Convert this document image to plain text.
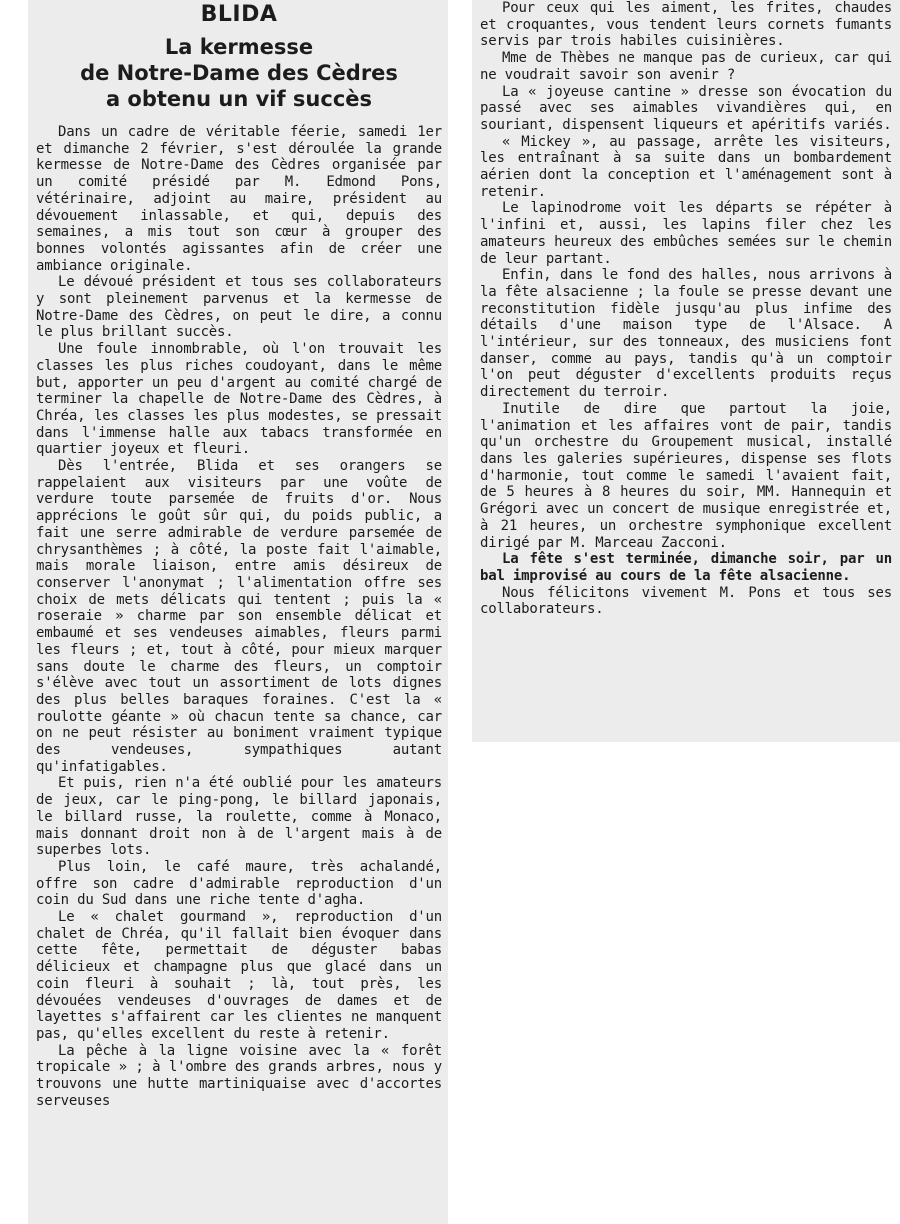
BLIDA
La kermesse
de Notre-Dame des Cèdres
a obtenu un vif succès

Dans un cadre de véritable féerie, samedi 1er et dimanche 2 février, s'est déroulée la grande kermesse de Notre-Dame des Cèdres organisée par un comité présidé par M. Edmond Pons, vétérinaire, adjoint au maire, président au dévouement inlassable, et qui, depuis des semaines, a mis tout son cœur à grouper des bonnes volontés agissantes afin de créer une ambiance originale.

Le dévoué président et tous ses collaborateurs y sont pleinement parvenus et la kermesse de Notre-Dame des Cèdres, on peut le dire, a connu le plus brillant succès.

Une foule innombrable, où l'on trouvait les classes les plus riches coudoyant, dans le même but, apporter un peu d'argent au comité chargé de terminer la chapelle de Notre-Dame des Cèdres, à Chréa, les classes les plus modestes, se pressait dans l'immense halle aux tabacs transformée en quartier joyeux et fleuri.

Dès l'entrée, Blida et ses orangers se rappelaient aux visiteurs par une voûte de verdure toute parsemée de fruits d'or. Nous apprécions le goût sûr qui, du poids public, a fait une serre admirable de verdure parsemée de chrysanthèmes ; à côté, la poste fait l'aimable, mais morale liaison, entre amis désireux de conserver l'anonymat ; l'alimentation offre ses choix de mets délicats qui tentent ; puis la « roseraie » charme par son ensemble délicat et embaumé et ses vendeuses aimables, fleurs parmi les fleurs ; et, tout à côté, pour mieux marquer sans doute le charme des fleurs, un comptoir s'élève avec tout un assortiment de lots dignes des plus belles baraques foraines. C'est la « roulotte géante » où chacun tente sa chance, car on ne peut résister au boniment vraiment typique des vendeuses, sympathiques autant qu'infatigables.

Et puis, rien n'a été oublié pour les amateurs de jeux, car le ping-pong, le billard japonais, le billard russe, la roulette, comme à Monaco, mais donnant droit non à de l'argent mais à de superbes lots.

Plus loin, le café maure, très achalandé, offre son cadre d'admirable reproduction d'un coin du Sud dans une riche tente d'agha.

Le « chalet gourmand », reproduction d'un chalet de Chréa, qu'il fallait bien évoquer dans cette fête, permettait de déguster babas délicieux et champagne plus que glacé dans un coin fleuri à souhait ; là, tout près, les dévouées vendeuses d'ouvrages de dames et de layettes s'affairent car les clientes ne manquent pas, qu'elles excellent du reste à retenir.

La pêche à la ligne voisine avec la « forêt tropicale » ; à l'ombre des grands arbres, nous y trouvons une hutte martiniquaise avec d'accortes serveuses

Pour ceux qui les aiment, les frites, chaudes et croquantes, vous tendent leurs cornets fumants servis par trois habiles cuisinières.

Mme de Thèbes ne manque pas de curieux, car qui ne voudrait savoir son avenir ?

La « joyeuse cantine » dresse son évocation du passé avec ses aimables vivandières qui, en souriant, dispensent liqueurs et apéritifs variés.

« Mickey », au passage, arrête les visiteurs, les entraînant à sa suite dans un bombardement aérien dont la conception et l'aménagement sont à retenir.

Le lapinodrome voit les départs se répéter à l'infini et, aussi, les lapins filer chez les amateurs heureux des embûches semées sur le chemin de leur partant.

Enfin, dans le fond des halles, nous arrivons à la fête alsacienne ; la foule se presse devant une reconstitution fidèle jusqu'au plus infime des détails d'une maison type de l'Alsace. A l'intérieur, sur des tonneaux, des musiciens font danser, comme au pays, tandis qu'à un comptoir l'on peut déguster d'excellents produits reçus directement du terroir.

Inutile de dire que partout la joie, l'animation et les affaires vont de pair, tandis qu'un orchestre du Groupement musical, installé dans les galeries supérieures, dispense ses flots d'harmonie, tout comme le samedi l'avaient fait, de 5 heures à 8 heures du soir, MM. Hannequin et Grégori avec un concert de musique enregistrée et, à 21 heures, un orchestre symphonique excellent dirigé par M. Marceau Zacconi.

La fête s'est terminée, dimanche soir, par un bal improvisé au cours de la fête alsacienne.

Nous félicitons vivement M. Pons et tous ses collaborateurs.
